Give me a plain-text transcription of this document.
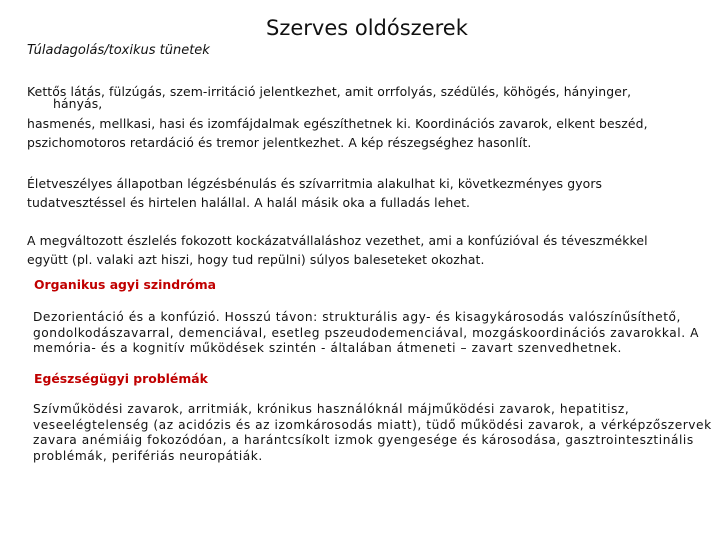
Szerves oldószerek

Túladagolás/toxikus tünetek

Kettős látás, fülzúgás, szem-irritáció jelentkezhet, amit orrfolyás, szédülés, köhögés, hányinger,
hányás,
hasmenés, mellkasi, hasi és izomfájdalmak egészíthetnek ki. Koordinációs zavarok, elkent beszéd,
pszichomotoros retardáció és tremor jelentkezhet. A kép részegséghez hasonlít.

Életveszélyes állapotban légzésbénulás és szívarritmia alakulhat ki, következményes gyors
tudatvesztéssel és hirtelen halállal. A halál másik oka a fulladás lehet.

A megváltozott észlelés fokozott kockázatvállaláshoz vezethet, ami a konfúzióval és téveszmékkel
együtt (pl. valaki azt hiszi, hogy tud repülni) súlyos baleseteket okozhat.

Organikus agyi szindróma

Dezorientáció és a konfúzió. Hosszú távon: strukturális agy- és kisagykárosodás valószínűsíthető,
gondolkodászavarral, demenciával, esetleg pszeudodemenciával, mozgáskoordinációs zavarokkal. A
memória- és a kognitív működések szintén - általában átmeneti – zavart szenvedhetnek.

Egészségügyi problémák

Szívműködési zavarok, arritmiák, krónikus használóknál májműködési zavarok, hepatitisz,
veseelégtelenség (az acidózis és az izomkárosodás miatt), tüdő működési zavarok, a vérképzőszervek
zavara anémiáig fokozódóan, a harántcsíkolt izmok gyengesége és károsodása, gasztrointesztinális
problémák, perifériás neuropátiák.
